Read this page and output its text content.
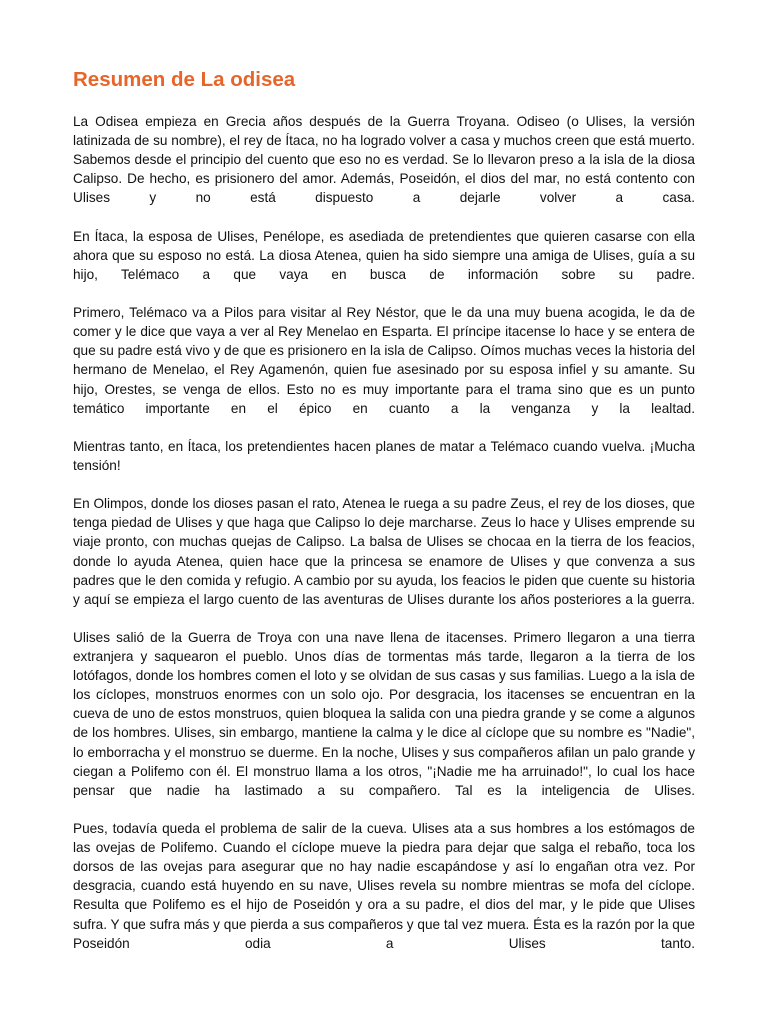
Resumen de La odisea

La Odisea empieza en Grecia años después de la Guerra Troyana. Odiseo (o Ulises, la versión latinizada de su nombre), el rey de Ítaca, no ha logrado volver a casa y muchos creen que está muerto. Sabemos desde el principio del cuento que eso no es verdad. Se lo llevaron preso a la isla de la diosa Calipso. De hecho, es prisionero del amor. Además, Poseidón, el dios del mar, no está contento con Ulises y no está dispuesto a dejarle volver a casa.

En Ítaca, la esposa de Ulises, Penélope, es asediada de pretendientes que quieren casarse con ella ahora que su esposo no está. La diosa Atenea, quien ha sido siempre una amiga de Ulises, guía a su hijo, Telémaco a que vaya en busca de información sobre su padre.

Primero, Telémaco va a Pilos para visitar al Rey Néstor, que le da una muy buena acogida, le da de comer y le dice que vaya a ver al Rey Menelao en Esparta. El príncipe itacense lo hace y se entera de que su padre está vivo y de que es prisionero en la isla de Calipso. Oímos muchas veces la historia del hermano de Menelao, el Rey Agamenón, quien fue asesinado por su esposa infiel y su amante. Su hijo, Orestes, se venga de ellos. Esto no es muy importante para el trama sino que es un punto temático importante en el épico en cuanto a la venganza y la lealtad.

Mientras tanto, en Ítaca, los pretendientes hacen planes de matar a Telémaco cuando vuelva. ¡Mucha tensión!

En Olimpos, donde los dioses pasan el rato, Atenea le ruega a su padre Zeus, el rey de los dioses, que tenga piedad de Ulises y que haga que Calipso lo deje marcharse. Zeus lo hace y Ulises emprende su viaje pronto, con muchas quejas de Calipso. La balsa de Ulises se chocaa en la tierra de los feacios, donde lo ayuda Atenea, quien hace que la princesa se enamore de Ulises y que convenza a sus padres que le den comida y refugio. A cambio por su ayuda, los feacios le piden que cuente su historia y aquí se empieza el largo cuento de las aventuras de Ulises durante los años posteriores a la guerra.

Ulises salió de la Guerra de Troya con una nave llena de itacenses. Primero llegaron a una tierra extranjera y saquearon el pueblo. Unos días de tormentas más tarde, llegaron a la tierra de los lotófagos, donde los hombres comen el loto y se olvidan de sus casas y sus familias. Luego a la isla de los cíclopes, monstruos enormes con un solo ojo. Por desgracia, los itacenses se encuentran en la cueva de uno de estos monstruos, quien bloquea la salida con una piedra grande y se come a algunos de los hombres. Ulises, sin embargo, mantiene la calma y le dice al cíclope que su nombre es "Nadie", lo emborracha y el monstruo se duerme. En la noche, Ulises y sus compañeros afilan un palo grande y ciegan a Polifemo con él. El monstruo llama a los otros, "¡Nadie me ha arruinado!", lo cual los hace pensar que nadie ha lastimado a su compañero. Tal es la inteligencia de Ulises.

Pues, todavía queda el problema de salir de la cueva. Ulises ata a sus hombres a los estómagos de las ovejas de Polifemo. Cuando el cíclope mueve la piedra para dejar que salga el rebaño, toca los dorsos de las ovejas para asegurar que no hay nadie escapándose y así lo engañan otra vez. Por desgracia, cuando está huyendo en su nave, Ulises revela su nombre mientras se mofa del cíclope. Resulta que Polifemo es el hijo de Poseidón y ora a su padre, el dios del mar, y le pide que Ulises sufra. Y que sufra más y que pierda a sus compañeros y que tal vez muera. Ésta es la razón por la que Poseidón odia a Ulises tanto.
